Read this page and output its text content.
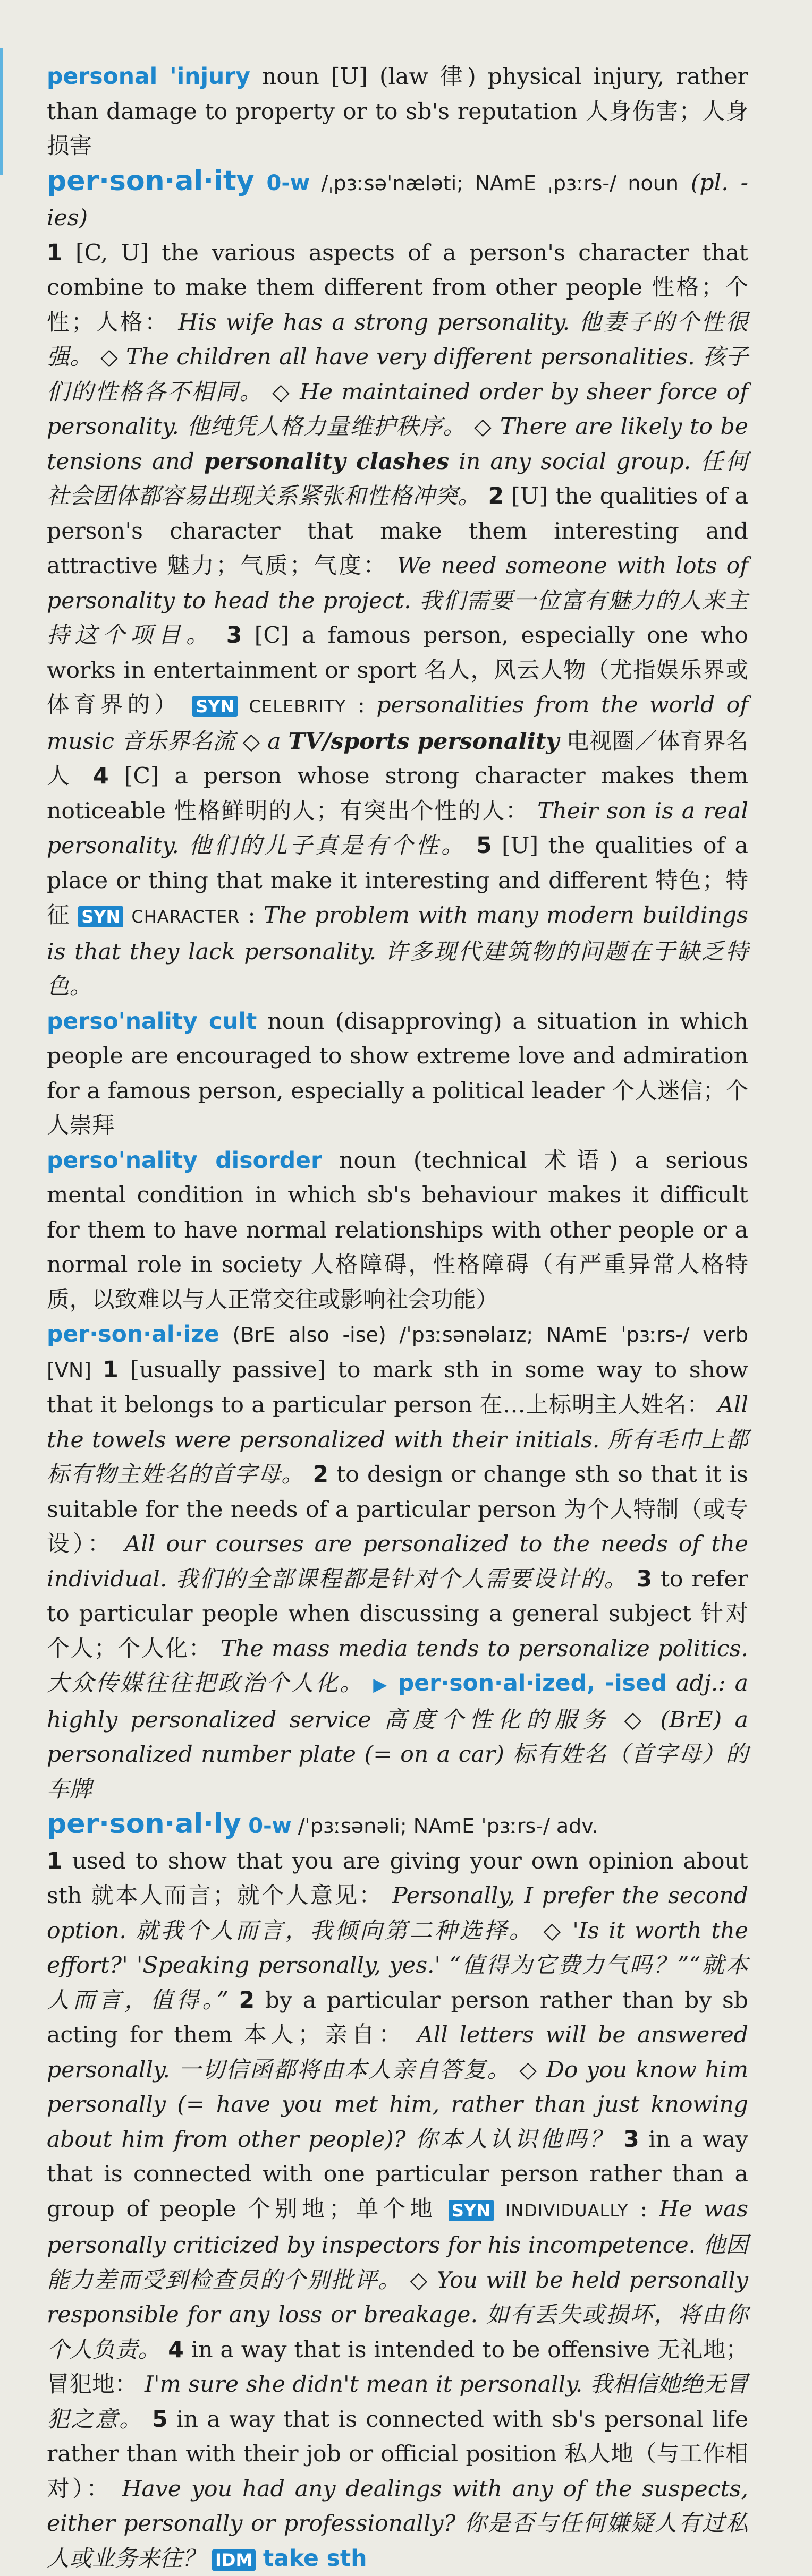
personal 'injury noun [U] (law 律) physical injury, rather than damage to property or to sb's reputation 人身伤害；人身损害

per·son·al·ity 0-w /ˌpɜːsəˈnæləti; NAmE ˌpɜːrs-/ noun (pl. -ies)
1 [C, U] the various aspects of a person's character that combine to make them different from other people 性格；个性；人格： His wife has a strong personality. 他妻子的个性很强。 ◇ The children all have very different personalities. 孩子们的性格各不相同。 ◇ He maintained order by sheer force of personality. 他纯凭人格力量维护秩序。 ◇ There are likely to be tensions and personality clashes in any social group. 任何社会团体都容易出现关系紧张和性格冲突。 2 [U] the qualities of a person's character that make them interesting and attractive 魅力；气质；气度： We need someone with lots of personality to head the project. 我们需要一位富有魅力的人来主持这个项目。 3 [C] a famous person, especially one who works in entertainment or sport 名人，风云人物（尤指娱乐界或体育界的） SYN CELEBRITY : personalities from the world of music 音乐界名流 ◇ a TV/sports personality 电视圈／体育界名人 4 [C] a person whose strong character makes them noticeable 性格鲜明的人；有突出个性的人： Their son is a real personality. 他们的儿子真是有个性。 5 [U] the qualities of a place or thing that make it interesting and different 特色；特征 SYN CHARACTER : The problem with many modern buildings is that they lack personality. 许多现代建筑物的问题在于缺乏特色。

perso'nality cult noun (disapproving) a situation in which people are encouraged to show extreme love and admiration for a famous person, especially a political leader 个人迷信；个人崇拜

perso'nality disorder noun (technical 术语) a serious mental condition in which sb's behaviour makes it difficult for them to have normal relationships with other people or a normal role in society 人格障碍，性格障碍（有严重异常人格特质，以致难以与人正常交往或影响社会功能）

per·son·al·ize (BrE also -ise) /ˈpɜːsənəlaɪz; NAmE ˈpɜːrs-/ verb [VN] 1 [usually passive] to mark sth in some way to show that it belongs to a particular person 在…上标明主人姓名： All the towels were personalized with their initials. 所有毛巾上都标有物主姓名的首字母。 2 to design or change sth so that it is suitable for the needs of a particular person 为个人特制（或专设）： All our courses are personalized to the needs of the individual. 我们的全部课程都是针对个人需要设计的。 3 to refer to particular people when discussing a general subject 针对个人；个人化： The mass media tends to personalize politics. 大众传媒往往把政治个人化。 ▶ per·son·al·ized, -ised adj.: a highly personalized service 高度个性化的服务 ◇ (BrE) a personalized number plate (= on a car) 标有姓名（首字母）的车牌

per·son·al·ly 0-w /ˈpɜːsənəli; NAmE ˈpɜːrs-/ adv.
1 used to show that you are giving your own opinion about sth 就本人而言；就个人意见： Personally, I prefer the second option. 就我个人而言，我倾向第二种选择。 ◇ 'Is it worth the effort?' 'Speaking personally, yes.' “值得为它费力气吗？”“就本人而言，值得。” 2 by a particular person rather than by sb acting for them 本人；亲自： All letters will be answered personally. 一切信函都将由本人亲自答复。 ◇ Do you know him personally (= have you met him, rather than just knowing about him from other people)? 你本人认识他吗？ 3 in a way that is connected with one particular person rather than a group of people 个别地；单个地 SYN INDIVIDUALLY : He was personally criticized by inspectors for his incompetence. 他因能力差而受到检查员的个别批评。 ◇ You will be held personally responsible for any loss or breakage. 如有丢失或损坏，将由你个人负责。 4 in a way that is intended to be offensive 无礼地；冒犯地： I'm sure she didn't mean it personally. 我相信她绝无冒犯之意。 5 in a way that is connected with sb's personal life rather than with their job or official position 私人地（与工作相对）： Have you had any dealings with any of the suspects, either personally or professionally? 你是否与任何嫌疑人有过私人或业务来往？ IDM take sth
